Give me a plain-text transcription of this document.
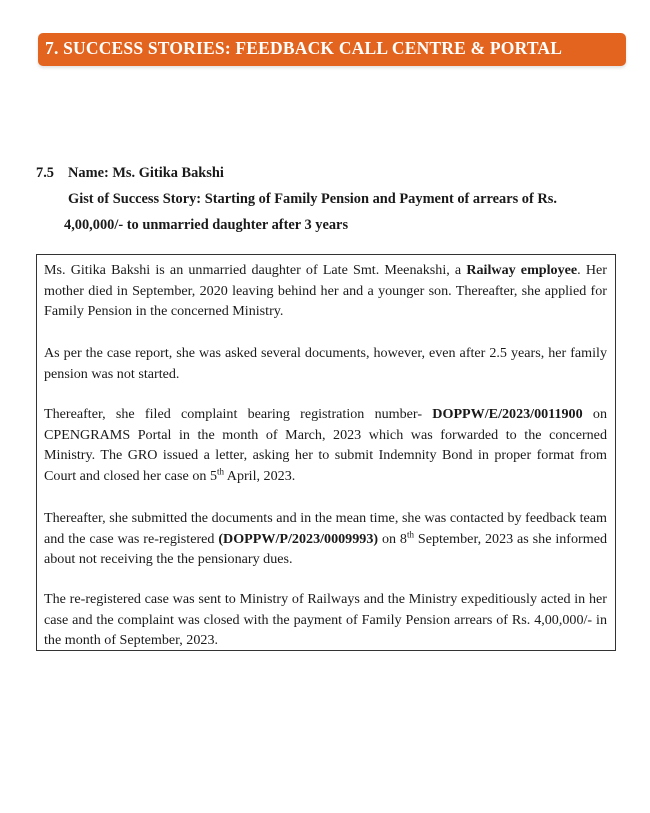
7. SUCCESS STORIES: FEEDBACK CALL CENTRE & PORTAL
7.5 Name: Ms. Gitika Bakshi
Gist of Success Story: Starting of Family Pension and Payment of arrears of Rs.
4,00,000/- to unmarried daughter after 3 years

Ms. Gitika Bakshi is an unmarried daughter of Late Smt. Meenakshi, a Railway employee. Her mother died in September, 2020 leaving behind her and a younger son. Thereafter, she applied for Family Pension in the concerned Ministry.

As per the case report, she was asked several documents, however, even after 2.5 years, her family pension was not started.

Thereafter, she filed complaint bearing registration number- DOPPW/E/2023/0011900 on CPENGRAMS Portal in the month of March, 2023 which was forwarded to the concerned Ministry. The GRO issued a letter, asking her to submit Indemnity Bond in proper format from Court and closed her case on 5th April, 2023.

Thereafter, she submitted the documents and in the mean time, she was contacted by feedback team and the case was re-registered (DOPPW/P/2023/0009993) on 8th September, 2023 as she informed about not receiving the the pensionary dues.

The re-registered case was sent to Ministry of Railways and the Ministry expeditiously acted in her case and the complaint was closed with the payment of Family Pension arrears of Rs. 4,00,000/- in the month of September, 2023.
